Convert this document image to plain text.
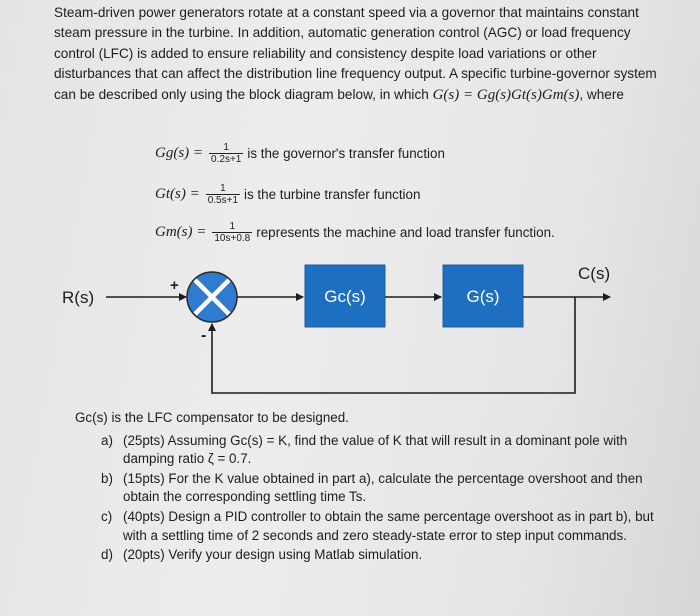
Steam-driven power generators rotate at a constant speed via a governor that maintains constant steam pressure in the turbine. In addition, automatic generation control (AGC) or load frequency control (LFC) is added to ensure reliability and consistency despite load variations or other disturbances that can affect the distribution line frequency output. A specific turbine-governor system can be described only using the block diagram below, in which G(s) = Gg(s)Gt(s)Gm(s), where

$Gg(s) = \frac{1}{0.2s+1}$ is the governor's transfer function
$Gt(s) = \frac{1}{0.5s+1}$ is the turbine transfer function
$Gm(s) = \frac{1}{10s+0.8}$ represents the machine and load transfer function.
R(s)
+
-
Gc(s)	G(s)
C(s)

Gc(s) is the LFC compensator to be designed.

a) (25pts) Assuming Gc(s) = K, find the value of K that will result in a dominant pole with damping ratio ζ = 0.7.
b) (15pts) For the K value obtained in part a), calculate the percentage overshoot and then obtain the corresponding settling time Ts.
c) (40pts) Design a PID controller to obtain the same percentage overshoot as in part b), but with a settling time of 2 seconds and zero steady-state error to step input commands.
d) (20pts) Verify your design using Matlab simulation.
